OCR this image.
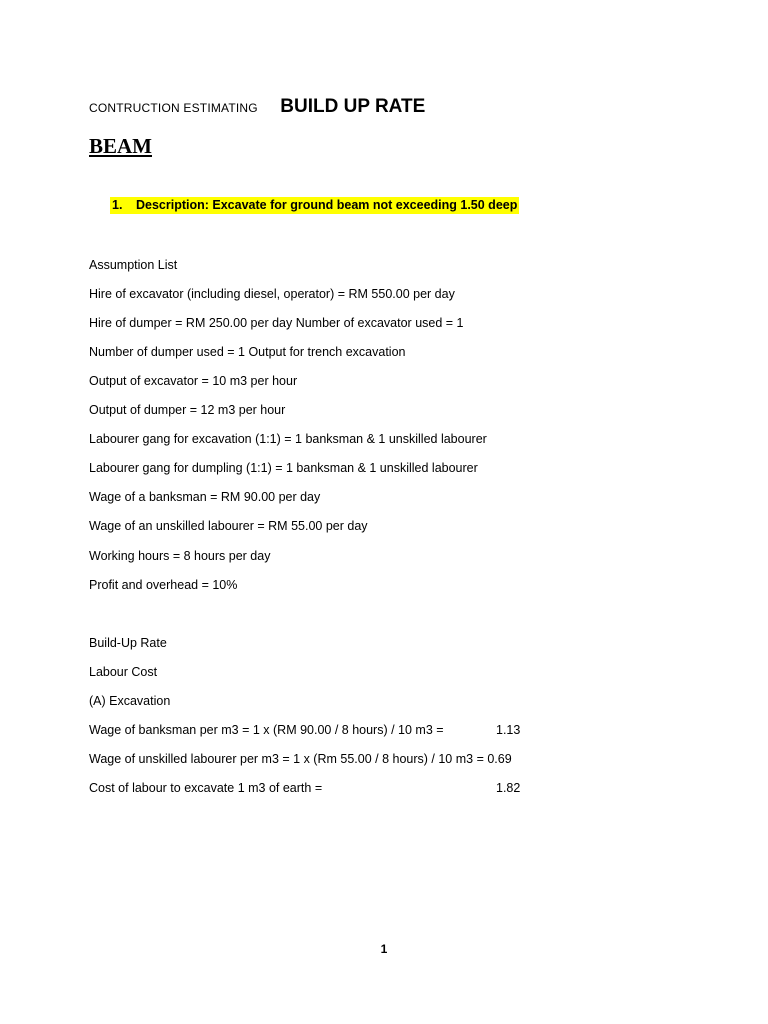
CONTRUCTION ESTIMATING BUILD UP RATE
BEAM
1. Description: Excavate for ground beam not exceeding 1.50 deep
Assumption List
Hire of excavator (including diesel, operator) = RM 550.00 per day
Hire of dumper = RM 250.00 per day Number of excavator used = 1
Number of dumper used = 1 Output for trench excavation
Output of excavator = 10 m3 per hour
Output of dumper = 12 m3 per hour
Labourer gang for excavation (1:1) = 1 banksman & 1 unskilled labourer
Labourer gang for dumpling (1:1) = 1 banksman & 1 unskilled labourer
Wage of a banksman = RM 90.00 per day
Wage of an unskilled labourer = RM 55.00 per day
Working hours = 8 hours per day
Profit and overhead = 10%
Build-Up Rate
Labour Cost
(A) Excavation
Wage of banksman per m3 = 1 x (RM 90.00 / 8 hours) / 10 m3 =	1.13
Wage of unskilled labourer per m3 = 1 x (Rm 55.00 / 8 hours) / 10 m3 = 0.69
Cost of labour to excavate 1 m3 of earth =	1.82
1
